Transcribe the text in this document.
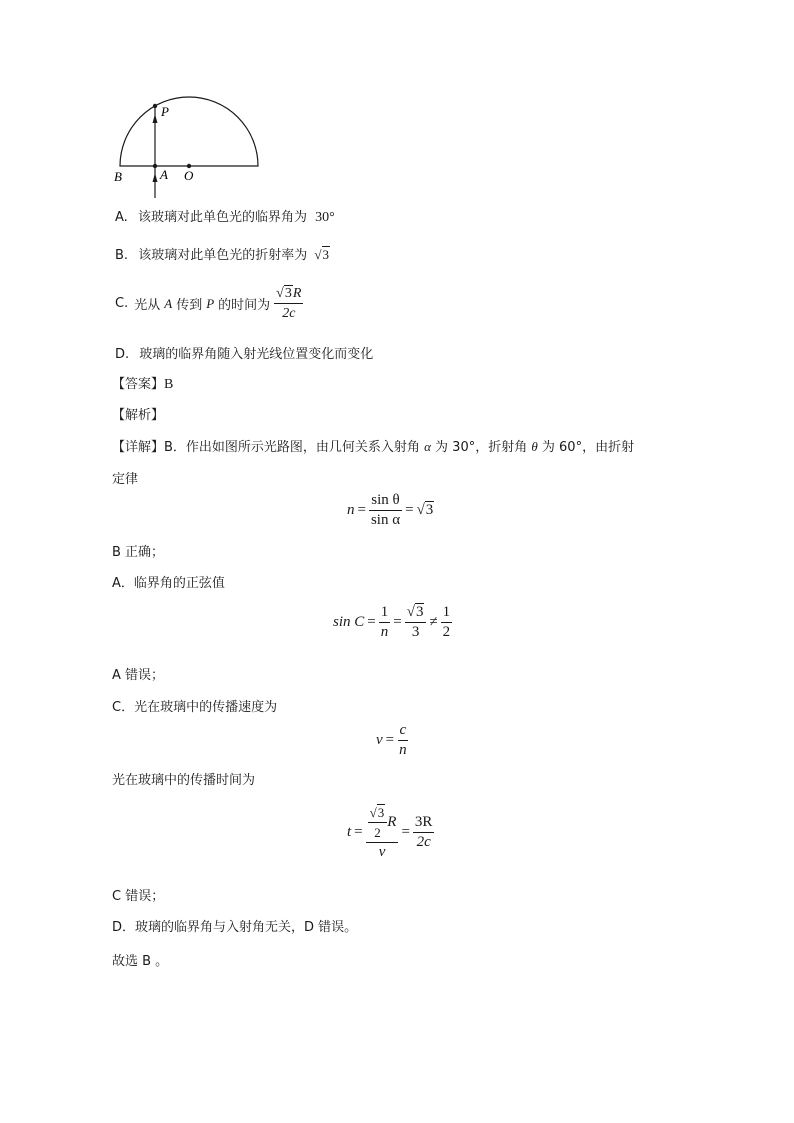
P
B	A O
A. 该玻璃对此单色光的临界角为 30°
B. 该玻璃对此单色光的折射率为 √3
C. 光从 A 传到 P 的时间为 $\frac{√3R}{2c}$
D. 玻璃的临界角随入射光线位置变化而变化
【答案】B
【解析】
【详解】B．作出如图所示光路图，由几何关系入射角 α 为 30°，折射角 θ 为 60°，由折射
定律
$n = \frac{\text{sin θ}}{\text{sin α}} = √3$
B 正确；
A．临界角的正弦值
$\sin C = \frac{1}{n} = \frac{√3}{3} \ne \frac{1}{2}$
A 错误；
C．光在玻璃中的传播速度为
$v = \frac{c}{n}$
光在玻璃中的传播时间为
$t = \frac{\frac{√3}{2} R}{v} = \frac{3R}{2c}$
C 错误；
D．玻璃的临界角与入射角无关，D 错误。
故选 B 。
